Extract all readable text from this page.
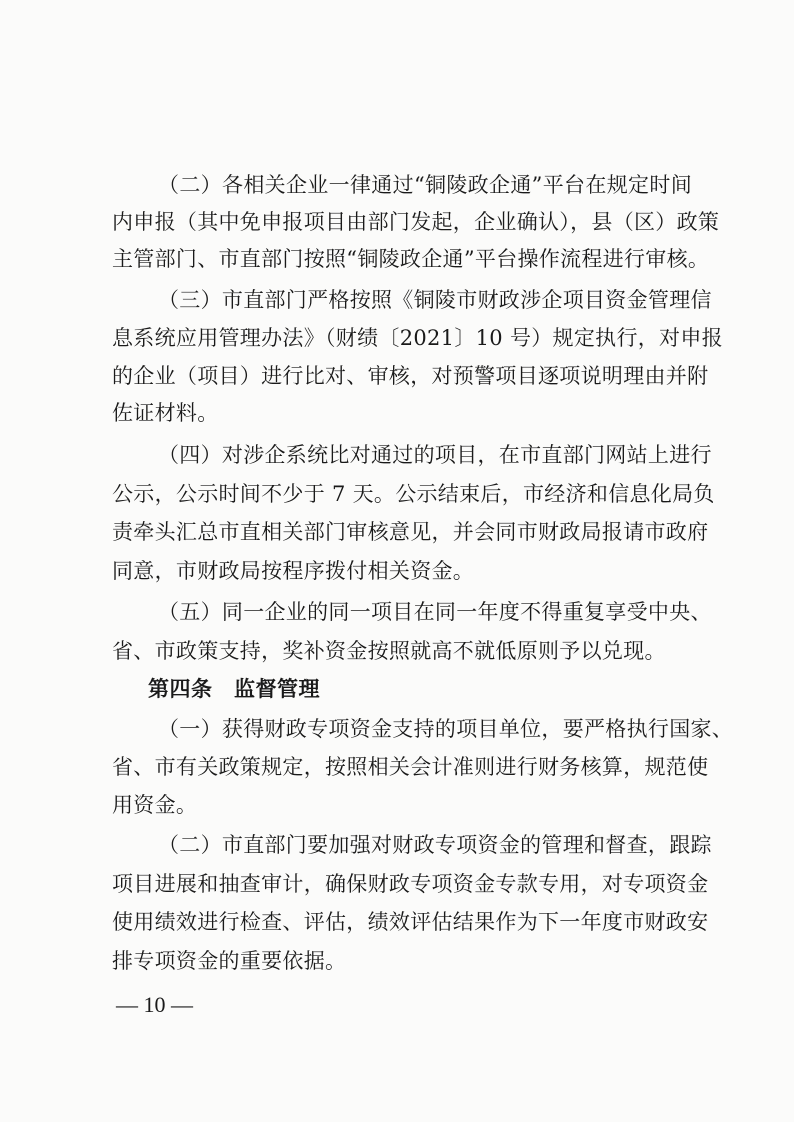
（二）各相关企业一律通过“铜陵政企通”平台在规定时间
内申报（其中免申报项目由部门发起，企业确认），县（区）政策
主管部门、市直部门按照“铜陵政企通”平台操作流程进行审核。
（三）市直部门严格按照《铜陵市财政涉企项目资金管理信
息系统应用管理办法》（财绩〔2021〕10 号）规定执行，对申报
的企业（项目）进行比对、审核，对预警项目逐项说明理由并附
佐证材料。
（四）对涉企系统比对通过的项目，在市直部门网站上进行
公示，公示时间不少于 7 天。公示结束后，市经济和信息化局负
责牵头汇总市直相关部门审核意见，并会同市财政局报请市政府
同意，市财政局按程序拨付相关资金。
（五）同一企业的同一项目在同一年度不得重复享受中央、
省、市政策支持，奖补资金按照就高不就低原则予以兑现。
第四条　监督管理
（一）获得财政专项资金支持的项目单位，要严格执行国家、
省、市有关政策规定，按照相关会计准则进行财务核算，规范使
用资金。
（二）市直部门要加强对财政专项资金的管理和督查，跟踪
项目进展和抽查审计，确保财政专项资金专款专用，对专项资金
使用绩效进行检查、评估，绩效评估结果作为下一年度市财政安
排专项资金的重要依据。
— 10 —
